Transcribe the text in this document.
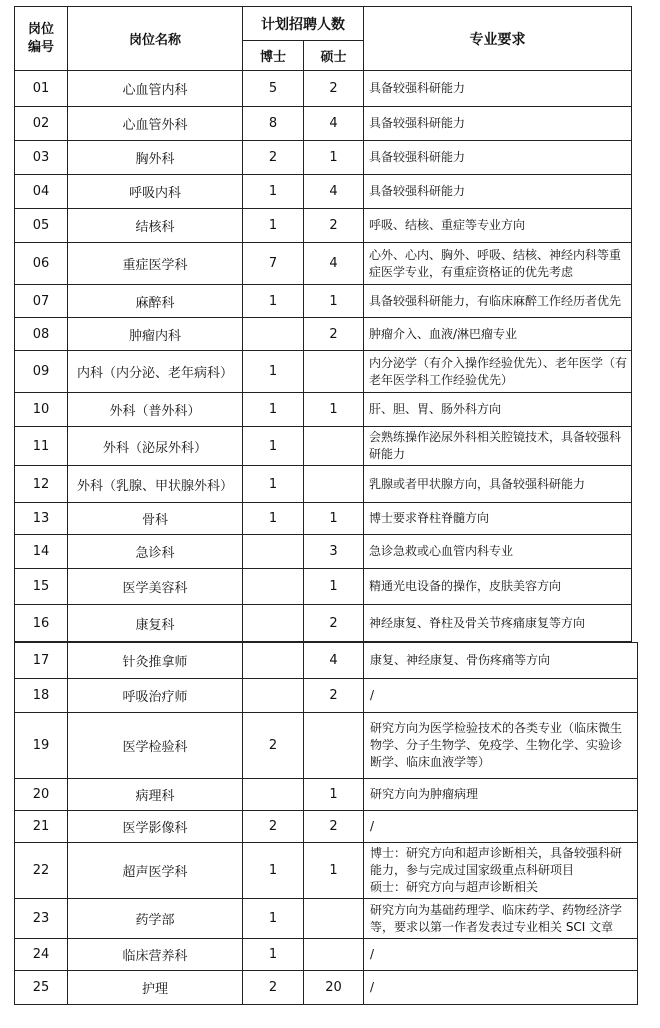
岗位
编号	岗位名称	计划招聘人数		专业要求
		博士	硕士	
01	心血管内科	5	2	具备较强科研能力

02	心血管外科	8	4	具备较强科研能力

03	胸外科	2	1	具备较强科研能力

04	呼吸内科	1	4	具备较强科研能力

05	结核科	1	2	呼吸、结核、重症等专业方向

06	重症医学科	7	4	心外、心内、胸外、呼吸、结核、神经内科等重
症医学专业，有重症资格证的优先考虑

07	麻醉科	1	1	具备较强科研能力，有临床麻醉工作经历者优先

08	肿瘤内科		2	肿瘤介入、血液/淋巴瘤专业

09	内科（内分泌、老年病科）	1		内分泌学（有介入操作经验优先）、老年医学（有
老年医学科工作经验优先）

10	外科（普外科）	1	1	肝、胆、胃、肠外科方向

11	外科（泌尿外科）	1		会熟练操作泌尿外科相关腔镜技术，具备较强科
研能力

12	外科（乳腺、甲状腺外科）	1		乳腺或者甲状腺方向，具备较强科研能力

13	骨科	1	1	博士要求脊柱脊髓方向

14	急诊科		3	急诊急救或心血管内科专业

15	医学美容科		1	精通光电设备的操作，皮肤美容方向

16	康复科		2	神经康复、脊柱及骨关节疼痛康复等方向
17	针灸推拿师		4	康复、神经康复、骨伤疼痛等方向

18	呼吸治疗师		2	/

19	医学检验科	2		研究方向为医学检验技术的各类专业（临床微生
物学、分子生物学、免疫学、生物化学、实验诊
断学、临床血液学等）

20	病理科		1	研究方向为肿瘤病理

21	医学影像科	2	2	/

22	超声医学科	1	1	博士：研究方向和超声诊断相关，具备较强科研
能力，参与完成过国家级重点科研项目
硕士：研究方向与超声诊断相关

23	药学部	1		研究方向为基础药理学、临床药学、药物经济学
等，要求以第一作者发表过专业相关 SCI 文章

24	临床营养科	1		/

25	护理	2	20	/
